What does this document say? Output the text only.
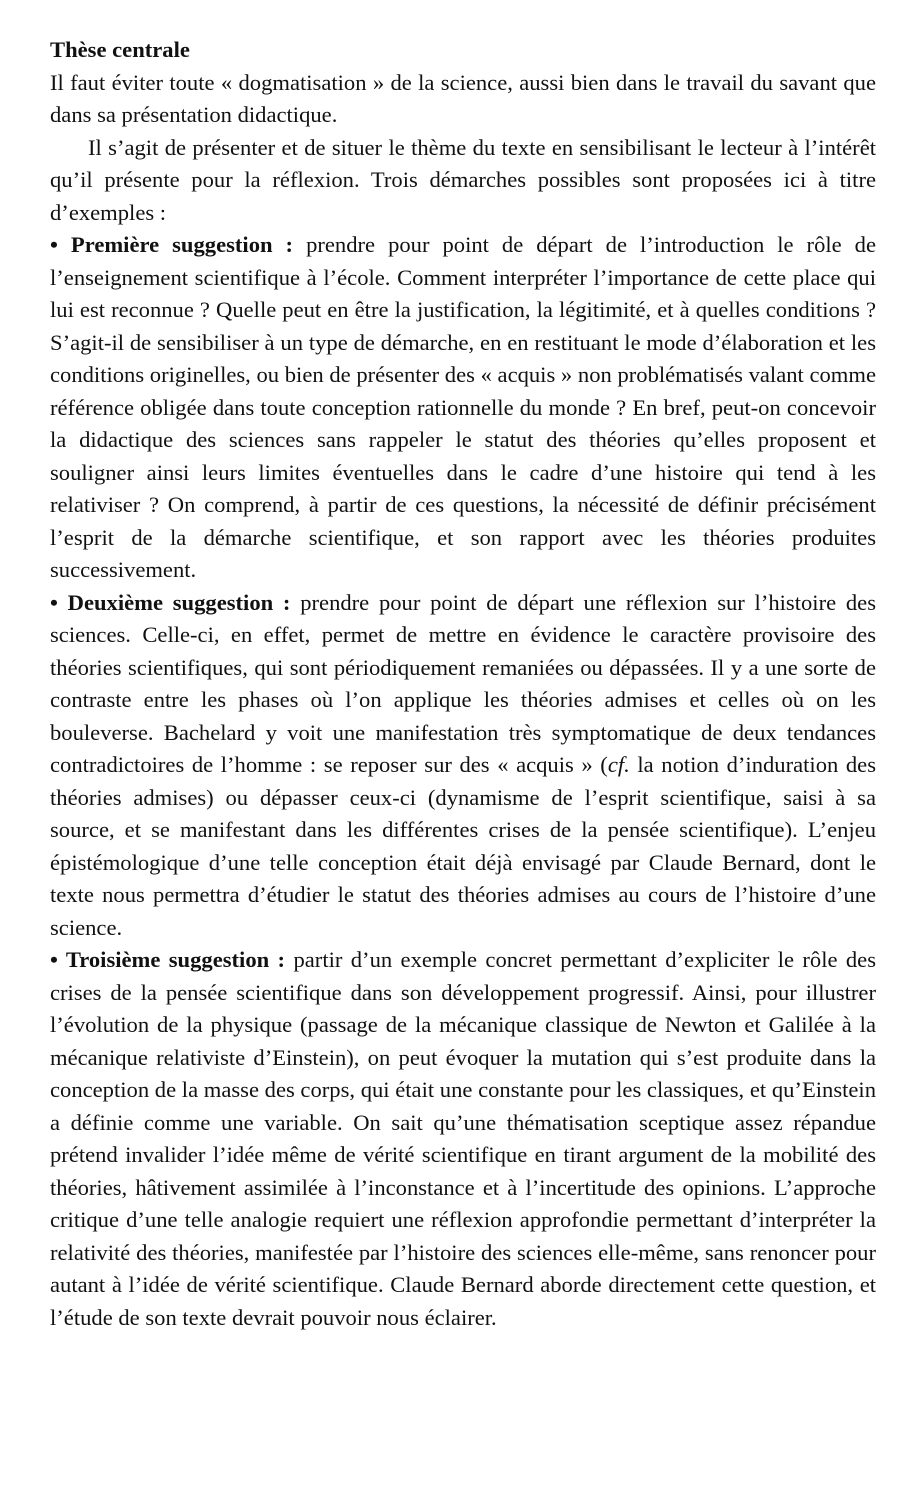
Thèse centrale

Il faut éviter toute « dogmatisation » de la science, aussi bien dans le travail du savant que dans sa présentation didactique.

Il s’agit de présenter et de situer le thème du texte en sensibilisant le lecteur à l’intérêt qu’il présente pour la réflexion. Trois démarches possibles sont proposées ici à titre d’exemples :

• Première suggestion : prendre pour point de départ de l’introduction le rôle de l’enseignement scientifique à l’école. Comment interpréter l’importance de cette place qui lui est reconnue ? Quelle peut en être la justification, la légitimité, et à quelles conditions ? S’agit-il de sensibiliser à un type de démarche, en en restituant le mode d’élaboration et les conditions originelles, ou bien de présenter des « acquis » non problématisés valant comme référence obligée dans toute conception rationnelle du monde ? En bref, peut-on concevoir la didactique des sciences sans rappeler le statut des théories qu’elles proposent et souligner ainsi leurs limites éventuelles dans le cadre d’une histoire qui tend à les relativiser ? On comprend, à partir de ces questions, la nécessité de définir précisément l’esprit de la démarche scientifique, et son rapport avec les théories produites successivement.

• Deuxième suggestion : prendre pour point de départ une réflexion sur l’histoire des sciences. Celle-ci, en effet, permet de mettre en évidence le caractère provisoire des théories scientifiques, qui sont périodiquement remaniées ou dépassées. Il y a une sorte de contraste entre les phases où l’on applique les théories admises et celles où on les bouleverse. Bachelard y voit une manifestation très symptomatique de deux tendances contradictoires de l’homme : se reposer sur des « acquis » (cf. la notion d’induration des théories admises) ou dépasser ceux-ci (dynamisme de l’esprit scientifique, saisi à sa source, et se manifestant dans les différentes crises de la pensée scientifique). L’enjeu épistémologique d’une telle conception était déjà envisagé par Claude Bernard, dont le texte nous permettra d’étudier le statut des théories admises au cours de l’histoire d’une science.

• Troisième suggestion : partir d’un exemple concret permettant d’expliciter le rôle des crises de la pensée scientifique dans son développement progressif. Ainsi, pour illustrer l’évolution de la physique (passage de la mécanique classique de Newton et Galilée à la mécanique relativiste d’Einstein), on peut évoquer la mutation qui s’est produite dans la conception de la masse des corps, qui était une constante pour les classiques, et qu’Einstein a définie comme une variable. On sait qu’une thématisation sceptique assez répandue prétend invalider l’idée même de vérité scientifique en tirant argument de la mobilité des théories, hâtivement assimilée à l’inconstance et à l’incertitude des opinions. L’approche critique d’une telle analogie requiert une réflexion approfondie permettant d’interpréter la relativité des théories, manifestée par l’histoire des sciences elle-même, sans renoncer pour autant à l’idée de vérité scientifique. Claude Bernard aborde directement cette question, et l’étude de son texte devrait pouvoir nous éclairer.
